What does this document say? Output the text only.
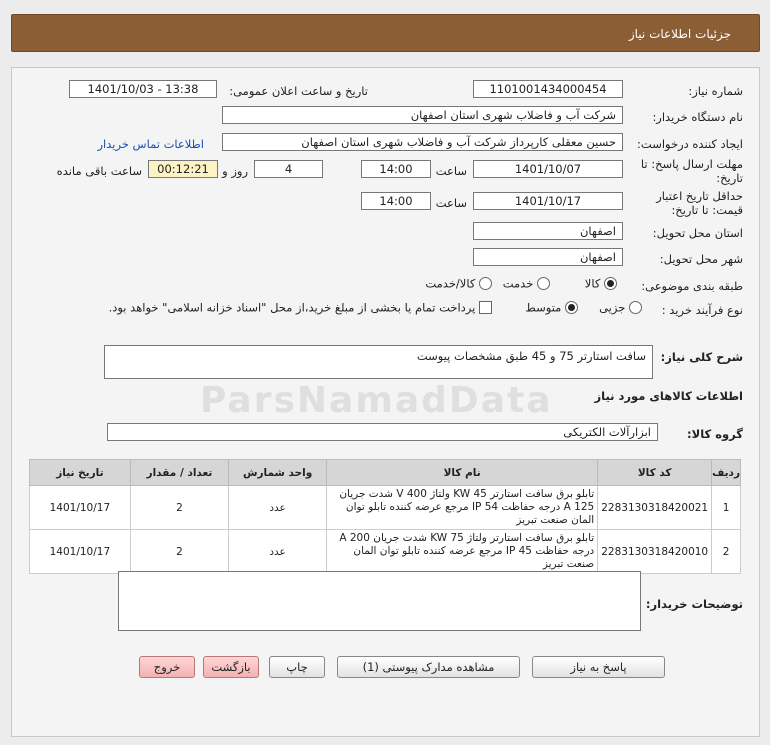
جزئیات اطلاعات نیاز
ParsNamadData
شماره نیاز:
1101001434000454
تاریخ و ساعت اعلان عمومی:
1401/10/03 - 13:38
نام دستگاه خریدار:
شرکت آب و فاضلاب شهری استان اصفهان
ایجاد کننده درخواست:
حسین معقلی کارپرداز شرکت آب و فاضلاب شهری استان اصفهان
اطلاعات تماس خریدار
مهلت ارسال پاسخ: تا
تاریخ:
1401/10/07
ساعت
14:00
4
روز و
00:12:21
ساعت باقی مانده
حداقل تاریخ اعتبار
قیمت: تا تاریخ:
1401/10/17
ساعت
14:00
استان محل تحویل:
اصفهان
شهر محل تحویل:
اصفهان
طبقه بندی موضوعی:
کالا
خدمت
کالا/خدمت
نوع فرآیند خرید :
جزیی
متوسط
پرداخت تمام یا بخشی از مبلغ خرید،از محل "اسناد خزانه اسلامی" خواهد بود.
شرح کلی نیاز:
سافت استارتر 75 و 45 طبق مشخصات پیوست
اطلاعات کالاهای مورد نیاز
گروه کالا:
ابزارآلات الکتریکی
ردیف	کد کالا	نام کالا	واحد شمارش	تعداد / مقدار	تاریخ نیاز
1	2283130318420021	تابلو برق سافت استارتر KW 45 ولتاژ V 400 شدت جریان 125 A درجه حفاظت IP 54 مرجع عرضه کننده تابلو توان المان صنعت تبریز	عدد	2	1401/10/17
2	2283130318420010	تابلو برق سافت استارتر ولتاژ KW 75 شدت جریان A 200 درجه حفاظت IP 45 مرجع عرضه کننده تابلو توان المان صنعت تبریز	عدد	2	1401/10/17
توضیحات خریدار:
پاسخ به نیاز
مشاهده مدارک پیوستی (1)
چاپ
بازگشت
خروج
